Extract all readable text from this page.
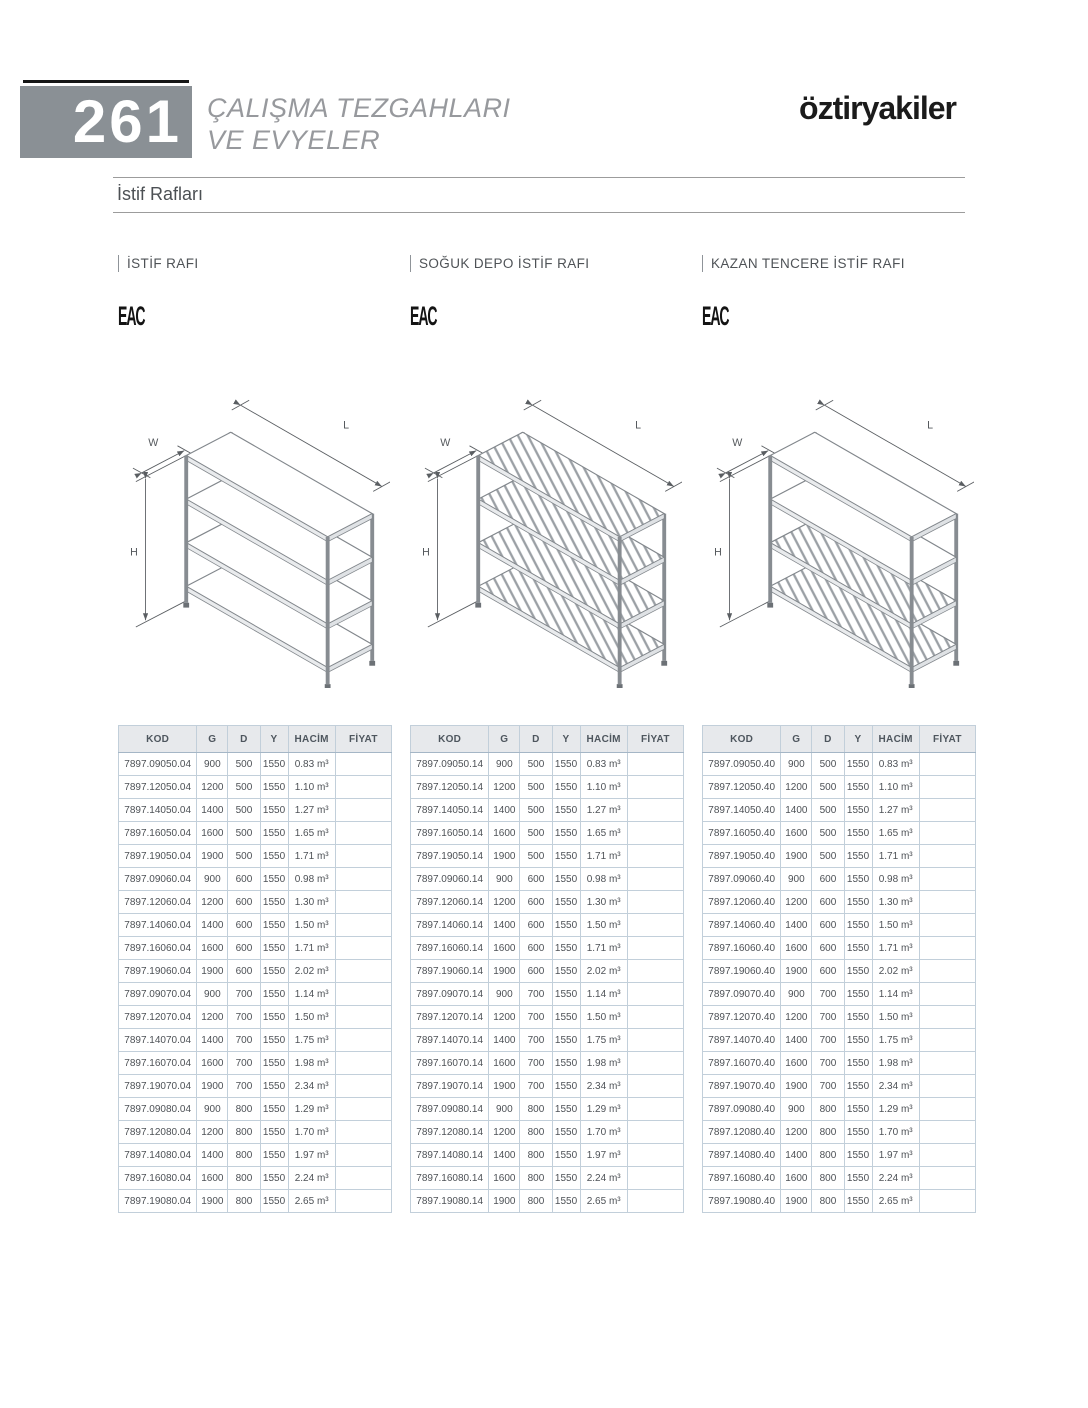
261 ÇALIŞMA TEZGAHLARI
VE EVYELER
öztiryakiler
İstif Rafları
İSTİF RAFI
EAC
W
L
H
SOĞUK DEPO İSTİF RAFI
EAC
W
L
H
KAZAN TENCERE İSTİF RAFI
EAC
W
L
H
KOD	G	D	Y	HACİM	FİYAT
7897.09050.04	900	500	1550	0.83 m³	
7897.12050.04	1200	500	1550	1.10 m³	
7897.14050.04	1400	500	1550	1.27 m³	
7897.16050.04	1600	500	1550	1.65 m³	
7897.19050.04	1900	500	1550	1.71 m³	
7897.09060.04	900	600	1550	0.98 m³	
7897.12060.04	1200	600	1550	1.30 m³	
7897.14060.04	1400	600	1550	1.50 m³	
7897.16060.04	1600	600	1550	1.71 m³	
7897.19060.04	1900	600	1550	2.02 m³	
7897.09070.04	900	700	1550	1.14 m³	
7897.12070.04	1200	700	1550	1.50 m³	
7897.14070.04	1400	700	1550	1.75 m³	
7897.16070.04	1600	700	1550	1.98 m³	
7897.19070.04	1900	700	1550	2.34 m³	
7897.09080.04	900	800	1550	1.29 m³	
7897.12080.04	1200	800	1550	1.70 m³	
7897.14080.04	1400	800	1550	1.97 m³	
7897.16080.04	1600	800	1550	2.24 m³	
7897.19080.04	1900	800	1550	2.65 m³	
KOD	G	D	Y	HACİM	FİYAT
7897.09050.14	900	500	1550	0.83 m³	
7897.12050.14	1200	500	1550	1.10 m³	
7897.14050.14	1400	500	1550	1.27 m³	
7897.16050.14	1600	500	1550	1.65 m³	
7897.19050.14	1900	500	1550	1.71 m³	
7897.09060.14	900	600	1550	0.98 m³	
7897.12060.14	1200	600	1550	1.30 m³	
7897.14060.14	1400	600	1550	1.50 m³	
7897.16060.14	1600	600	1550	1.71 m³	
7897.19060.14	1900	600	1550	2.02 m³	
7897.09070.14	900	700	1550	1.14 m³	
7897.12070.14	1200	700	1550	1.50 m³	
7897.14070.14	1400	700	1550	1.75 m³	
7897.16070.14	1600	700	1550	1.98 m³	
7897.19070.14	1900	700	1550	2.34 m³	
7897.09080.14	900	800	1550	1.29 m³	
7897.12080.14	1200	800	1550	1.70 m³	
7897.14080.14	1400	800	1550	1.97 m³	
7897.16080.14	1600	800	1550	2.24 m³	
7897.19080.14	1900	800	1550	2.65 m³	
KOD	G	D	Y	HACİM	FİYAT
7897.09050.40	900	500	1550	0.83 m³	
7897.12050.40	1200	500	1550	1.10 m³	
7897.14050.40	1400	500	1550	1.27 m³	
7897.16050.40	1600	500	1550	1.65 m³	
7897.19050.40	1900	500	1550	1.71 m³	
7897.09060.40	900	600	1550	0.98 m³	
7897.12060.40	1200	600	1550	1.30 m³	
7897.14060.40	1400	600	1550	1.50 m³	
7897.16060.40	1600	600	1550	1.71 m³	
7897.19060.40	1900	600	1550	2.02 m³	
7897.09070.40	900	700	1550	1.14 m³	
7897.12070.40	1200	700	1550	1.50 m³	
7897.14070.40	1400	700	1550	1.75 m³	
7897.16070.40	1600	700	1550	1.98 m³	
7897.19070.40	1900	700	1550	2.34 m³	
7897.09080.40	900	800	1550	1.29 m³	
7897.12080.40	1200	800	1550	1.70 m³	
7897.14080.40	1400	800	1550	1.97 m³	
7897.16080.40	1600	800	1550	2.24 m³	
7897.19080.40	1900	800	1550	2.65 m³	
